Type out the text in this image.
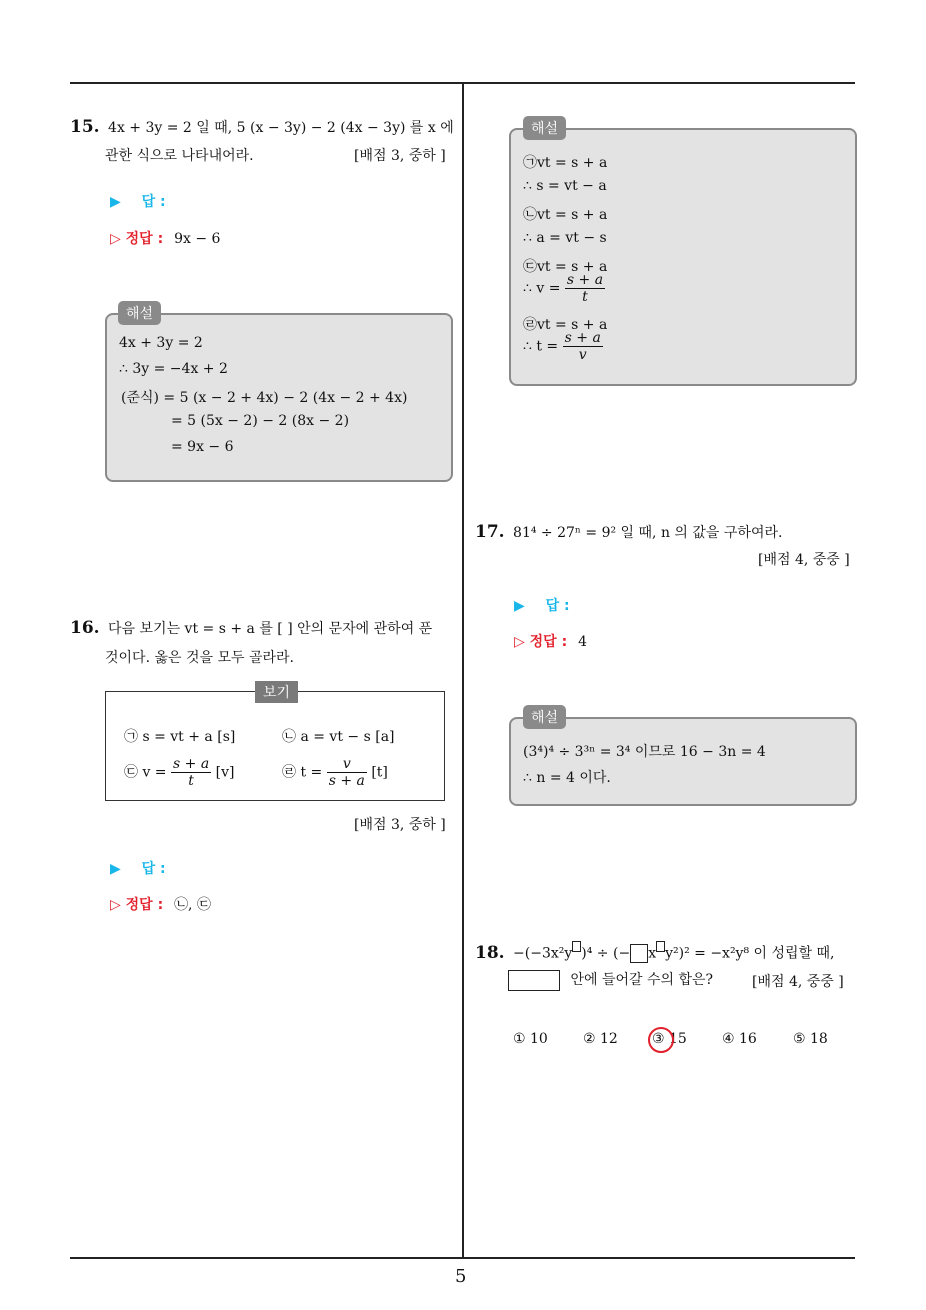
5
15. 4x + 3y = 2 일 때, 5 (x − 3y) − 2 (4x − 3y) 를 x 에
관한 식으로 나타내어라.	[배점 3, 중하 ]
▶ 답 :
▷ 정답 : 9x − 6
4x + 3y = 2
∴ 3y = −4x + 2
(준식) = 5 (x − 2 + 4x) − 2 (4x − 2 + 4x)
= 5 (5x − 2) − 2 (8x − 2)
= 9x − 6
해설
16. 다음 보기는 vt = s + a 를 [ ] 안의 문자에 관하여 푼
것이다. 옳은 것을 모두 골라라.
㉠ s = vt + a [s]	㉡ a = vt − s [a]
㉢ $v = \frac{s + a}{t} [v]$	㉣ $t = \frac{v}{s + a} [t]$
보기
[배점 3, 중하 ]
▶ 답 :
▷ 정답 : ㉡, ㉢
㉠vt = s + a
∴ s = vt − a
㉡vt = s + a
∴ a = vt − s
㉢vt = s + a
∴ $v = \frac{s + a}{t}$
㉣vt = s + a
∴ $t = \frac{s + a}{v}$
해설
17. 81⁴ ÷ 27ⁿ = 9² 일 때, n 의 값을 구하여라.
[배점 4, 중중 ]
▶ 답 :
▷ 정답 : 4
(3⁴)⁴ ÷ 3³ⁿ = 3⁴ 이므로 16 − 3n = 4
∴ n = 4 이다.
해설
18. −(−3x²y )⁴ ÷ (− x y²)² = −x²y⁸ 이 성립할 때,
안에 들어갈 수의 합은?	[배점 4, 중중 ]
① 10	② 12 ③ 15	④ 16	⑤ 18
